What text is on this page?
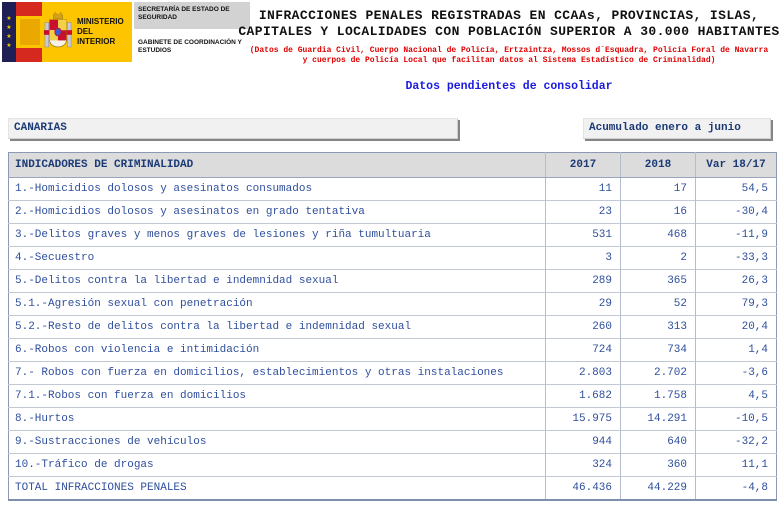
★
★
★
★
MINISTERIO
DEL INTERIOR
SECRETARÍA DE ESTADO DE SEGURIDAD
GABINETE DE COORDINACIÓN Y ESTUDIOS
INFRACCIONES PENALES REGISTRADAS EN CCAAs, PROVINCIAS, ISLAS,
CAPITALES Y LOCALIDADES CON POBLACIÓN SUPERIOR A 30.000 HABITANTES
(Datos de Guardia Civil, Cuerpo Nacional de Policía, Ertzaintza, Mossos d´Esquadra, Policía Foral de Navarra
y cuerpos de Policía Local que facilitan datos al Sistema Estadístico de Criminalidad)
Datos pendientes de consolidar
CANARIAS	Acumulado enero a junio
INDICADORES DE CRIMINALIDAD	2017	2018	Var 18/17
1.-Homicidios dolosos y asesinatos consumados	11	17	54,5
2.-Homicidios dolosos y asesinatos en grado tentativa	23	16	-30,4
3.-Delitos graves y menos graves de lesiones y riña tumultuaria	531	468	-11,9
4.-Secuestro	3	2	-33,3
5.-Delitos contra la libertad e indemnidad sexual	289	365	26,3
5.1.-Agresión sexual con penetración	29	52	79,3
5.2.-Resto de delitos contra la libertad e indemnidad sexual	260	313	20,4
6.-Robos con violencia e intimidación	724	734	1,4
7.- Robos con fuerza en domicilios, establecimientos y otras instalaciones	2.803	2.702	-3,6
7.1.-Robos con fuerza en domicilios	1.682	1.758	4,5
8.-Hurtos	15.975	14.291	-10,5
9.-Sustracciones de vehículos	944	640	-32,2
10.-Tráfico de drogas	324	360	11,1
TOTAL INFRACCIONES PENALES	46.436	44.229	-4,8
